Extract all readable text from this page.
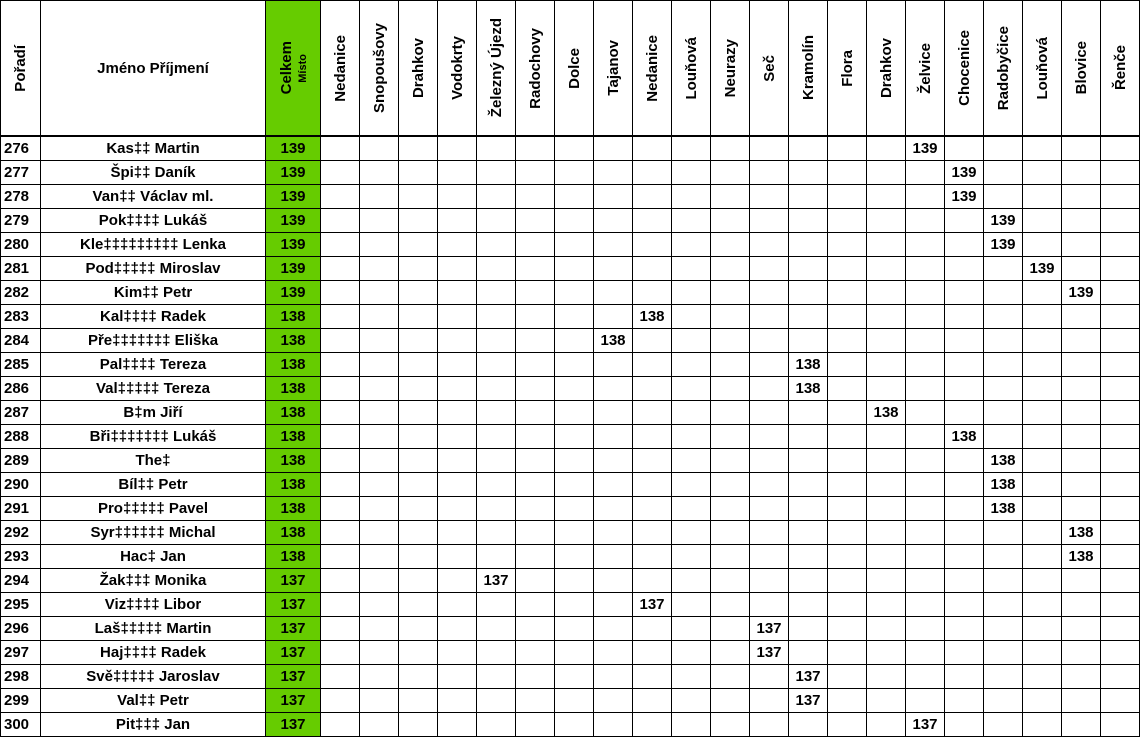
Pořadí	Jméno Příjmení	Celkem Místo	Nedanice	Snopoušovy	Drahkov	Vodokrty	Železný Újezd	Radochovy	Dolce	Tajanov	Nedanice	Louňová	Neurazy	Seč	Kramolín	Flora	Drahkov	Želvice	Chocenice	Radobyčice	Louňová	Blovice	Řenče

276	Kas‡‡ Martin	139																139					
277	Špi‡‡ Daník	139																	139				
278	Van‡‡ Václav ml.	139																	139				
279	Pok‡‡‡‡ Lukáš	139																		139			
280	Kle‡‡‡‡‡‡‡‡‡ Lenka	139																		139			
281	Pod‡‡‡‡‡ Miroslav	139																			139		
282	Kim‡‡ Petr	139																				139	
283	Kal‡‡‡‡ Radek	138									138												
284	Pře‡‡‡‡‡‡‡ Eliška	138								138													
285	Pal‡‡‡‡ Tereza	138													138								
286	Val‡‡‡‡‡ Tereza	138													138								
287	B‡m Jiří	138															138						
288	Bři‡‡‡‡‡‡‡ Lukáš	138																	138				
289	The‡	138																		138			
290	Bíl‡‡ Petr	138																		138			
291	Pro‡‡‡‡‡ Pavel	138																		138			
292	Syr‡‡‡‡‡‡ Michal	138																				138	
293	Hac‡ Jan	138																				138	
294	Žak‡‡‡ Monika	137					137																
295	Viz‡‡‡‡ Libor	137									137												
296	Laš‡‡‡‡‡ Martin	137												137									
297	Haj‡‡‡‡ Radek	137												137									
298	Svě‡‡‡‡‡ Jaroslav	137													137								
299	Val‡‡ Petr	137													137								
300	Pit‡‡‡ Jan	137																137					
